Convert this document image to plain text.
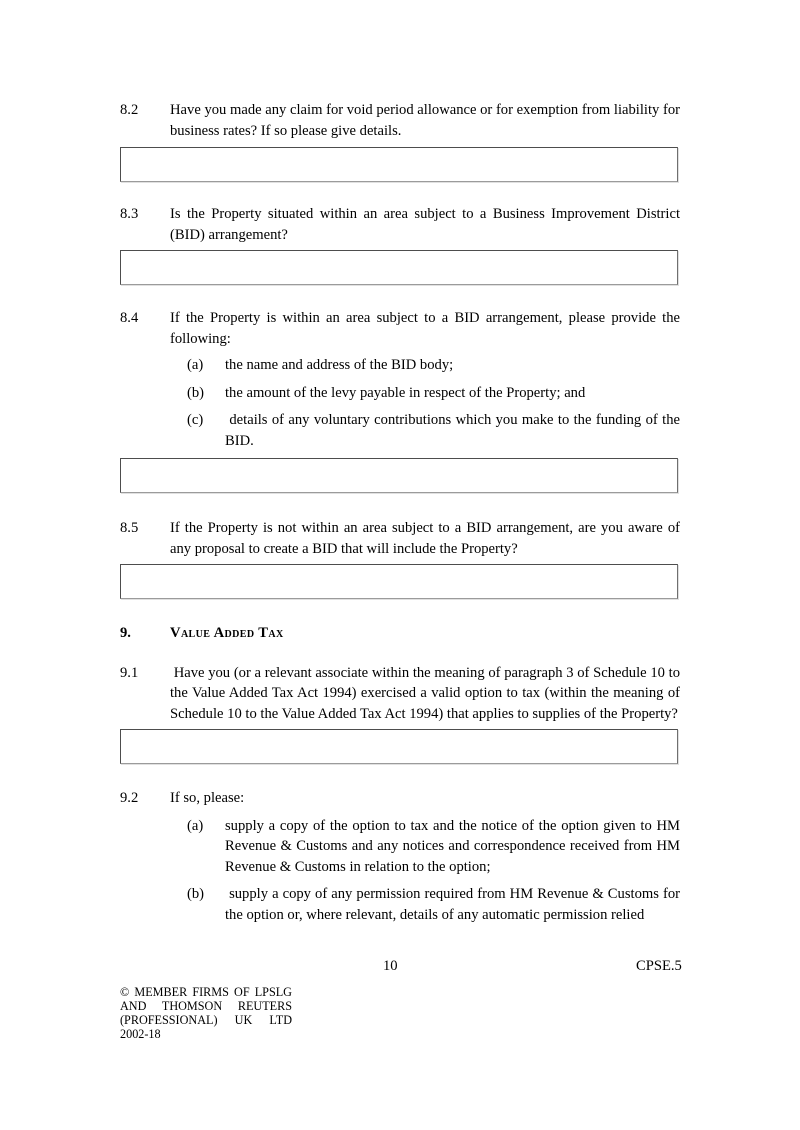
8.2	Have you made any claim for void period allowance or for exemption from liability for business rates? If so please give details.
8.3	Is the Property situated within an area subject to a Business Improvement District (BID) arrangement?
8.4	If the Property is within an area subject to a BID arrangement, please provide the following:
(a)	the name and address of the BID body;
(b)	the amount of the levy payable in respect of the Property; and
(c)	details of any voluntary contributions which you make to the funding of the BID.
8.5	If the Property is not within an area subject to a BID arrangement, are you aware of any proposal to create a BID that will include the Property?
9.	Value Added Tax
9.1	Have you (or a relevant associate within the meaning of paragraph 3 of Schedule 10 to the Value Added Tax Act 1994) exercised a valid option to tax (within the meaning of Schedule 10 to the Value Added Tax Act 1994) that applies to supplies of the Property?
9.2	If so, please:
(a)	supply a copy of the option to tax and the notice of the option given to HM Revenue & Customs and any notices and correspondence received from HM Revenue & Customs in relation to the option;
(b)	supply a copy of any permission required from HM Revenue & Customs for the option or, where relevant, details of any automatic permission relied
10	CPSE.5
© MEMBER FIRMS OF LPSLG
AND THOMSON REUTERS
(PROFESSIONAL) UK LTD
2002-18
